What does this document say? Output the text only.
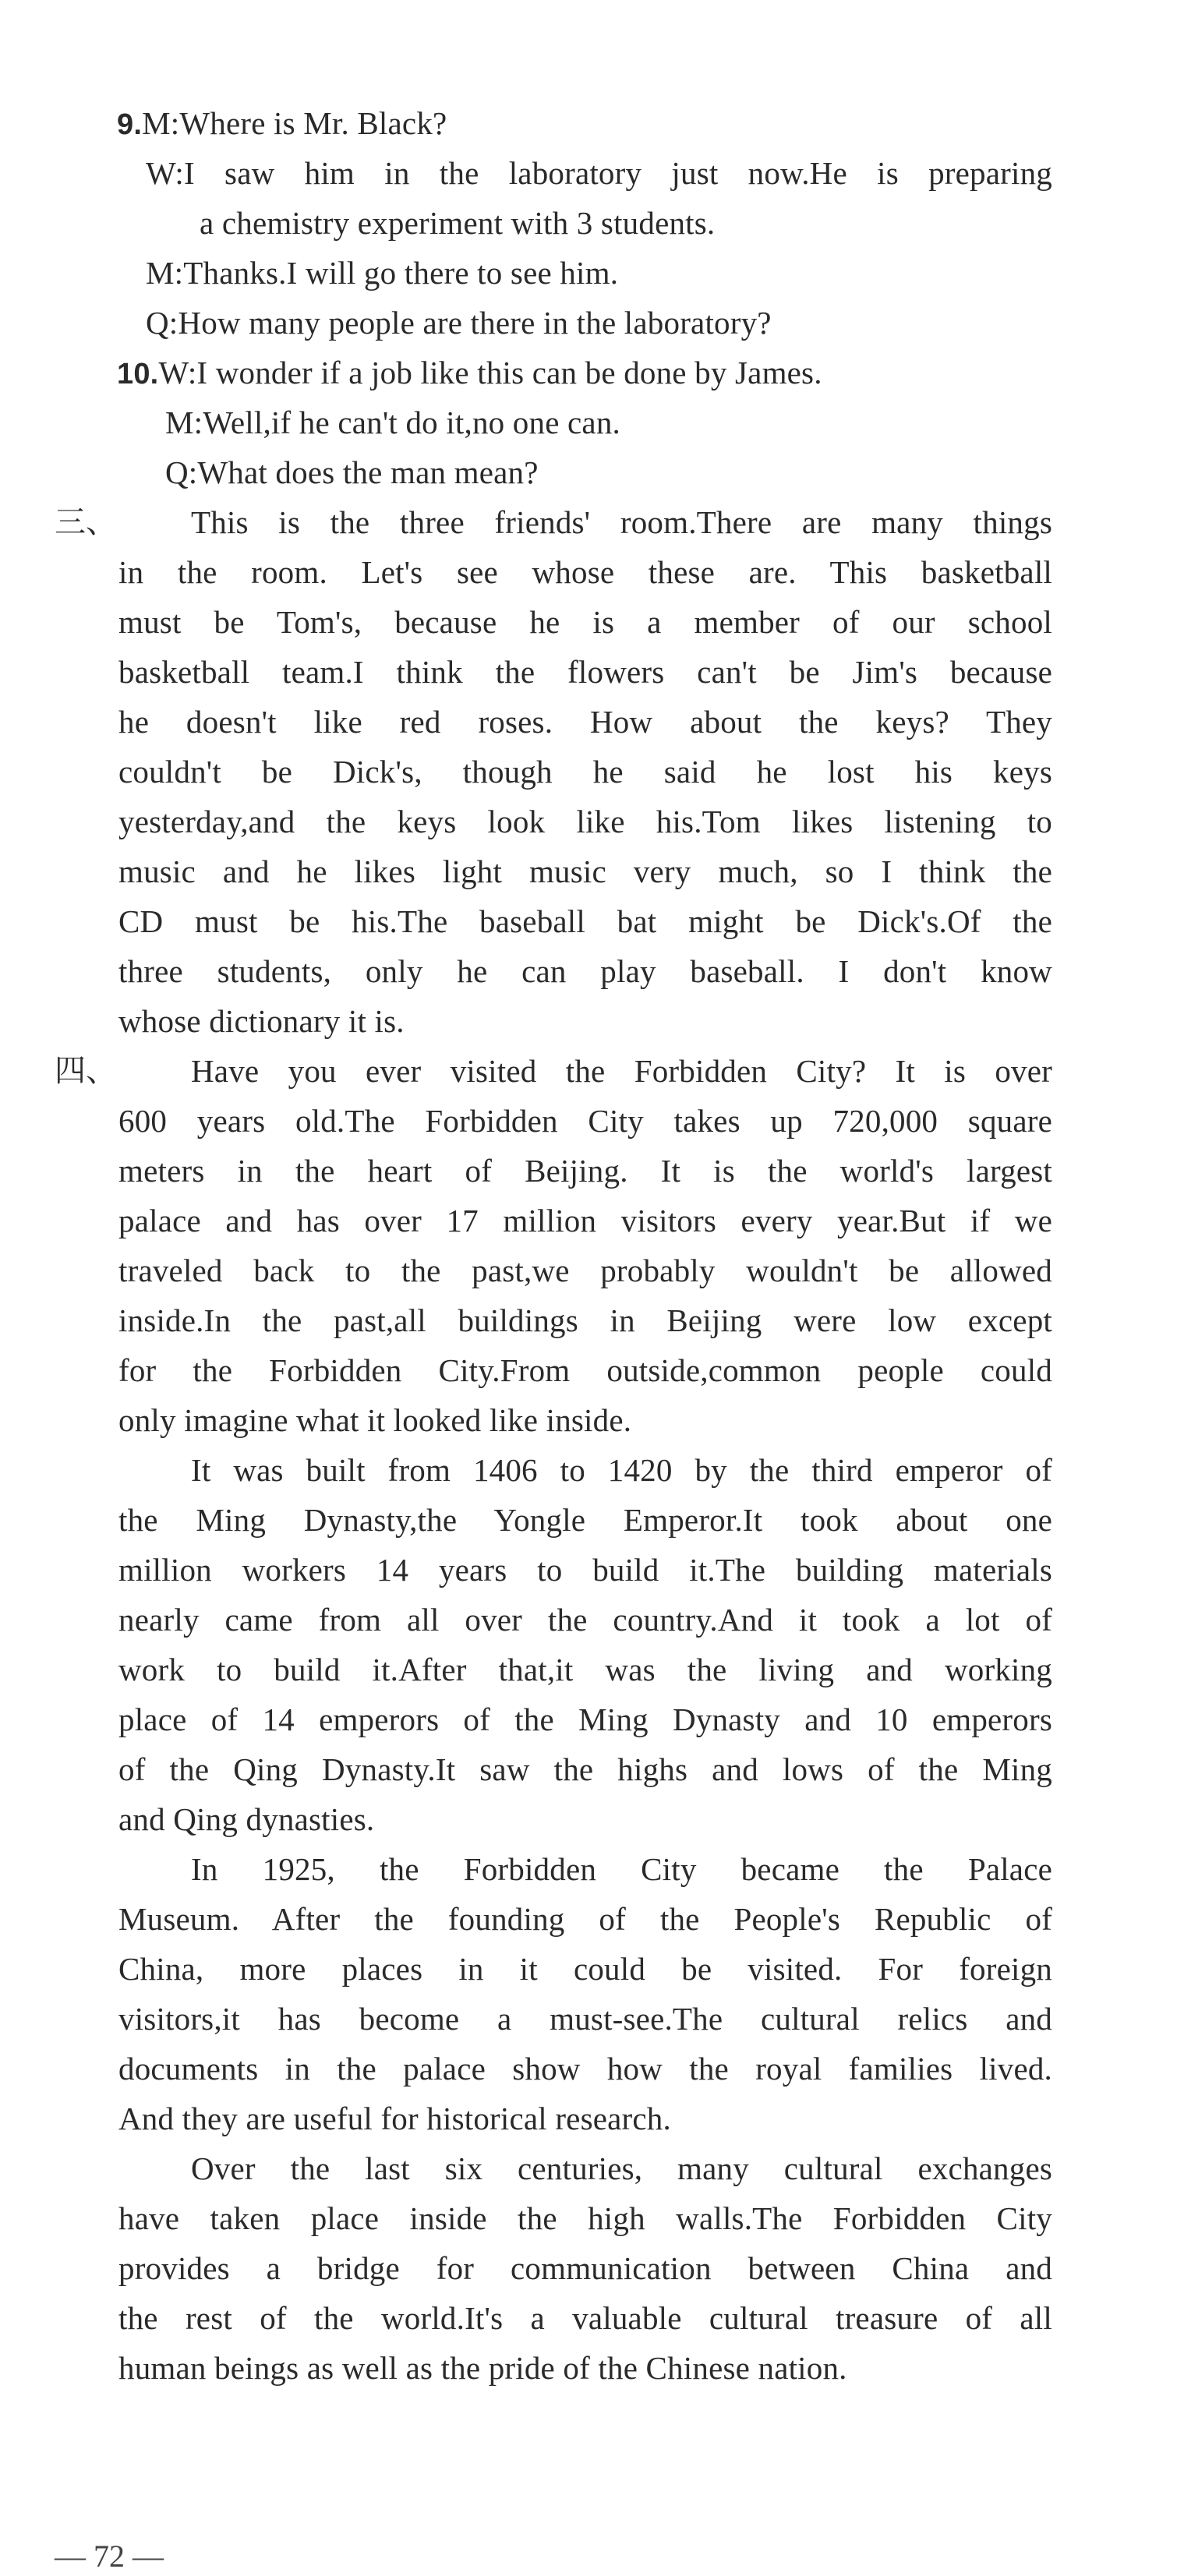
9.M:Where is Mr. Black?
W:I saw him in the laboratory just now.He is preparing
a chemistry experiment with 3 students.
M:Thanks.I will go there to see him.
Q:How many people are there in the laboratory?
10.W:I wonder if a job like this can be done by James.
M:Well,if he can't do it,no one can.
Q:What does the man mean?
三、 This is the three friends' room.There are many things
in the room. Let's see whose these are. This basketball
must be Tom's, because he is a member of our school
basketball team.I think the flowers can't be Jim's because
he doesn't like red roses. How about the keys? They
couldn't be Dick's, though he said he lost his keys
yesterday,and the keys look like his.Tom likes listening to
music and he likes light music very much, so I think the
CD must be his.The baseball bat might be Dick's.Of the
three students, only he can play baseball. I don't know
whose dictionary it is.
四、 Have you ever visited the Forbidden City? It is over
600 years old.The Forbidden City takes up 720,000 square
meters in the heart of Beijing. It is the world's largest
palace and has over 17 million visitors every year.But if we
traveled back to the past,we probably wouldn't be allowed
inside.In the past,all buildings in Beijing were low except
for the Forbidden City.From outside,common people could
only imagine what it looked like inside.
It was built from 1406 to 1420 by the third emperor of
the Ming Dynasty,the Yongle Emperor.It took about one
million workers 14 years to build it.The building materials
nearly came from all over the country.And it took a lot of
work to build it.After that,it was the living and working
place of 14 emperors of the Ming Dynasty and 10 emperors
of the Qing Dynasty.It saw the highs and lows of the Ming
and Qing dynasties.
In 1925, the Forbidden City became the Palace
Museum. After the founding of the People's Republic of
China, more places in it could be visited. For foreign
visitors,it has become a must-see.The cultural relics and
documents in the palace show how the royal families lived.
And they are useful for historical research.
Over the last six centuries, many cultural exchanges
have taken place inside the high walls.The Forbidden City
provides a bridge for communication between China and
the rest of the world.It's a valuable cultural treasure of all
human beings as well as the pride of the Chinese nation.
— 72 —
